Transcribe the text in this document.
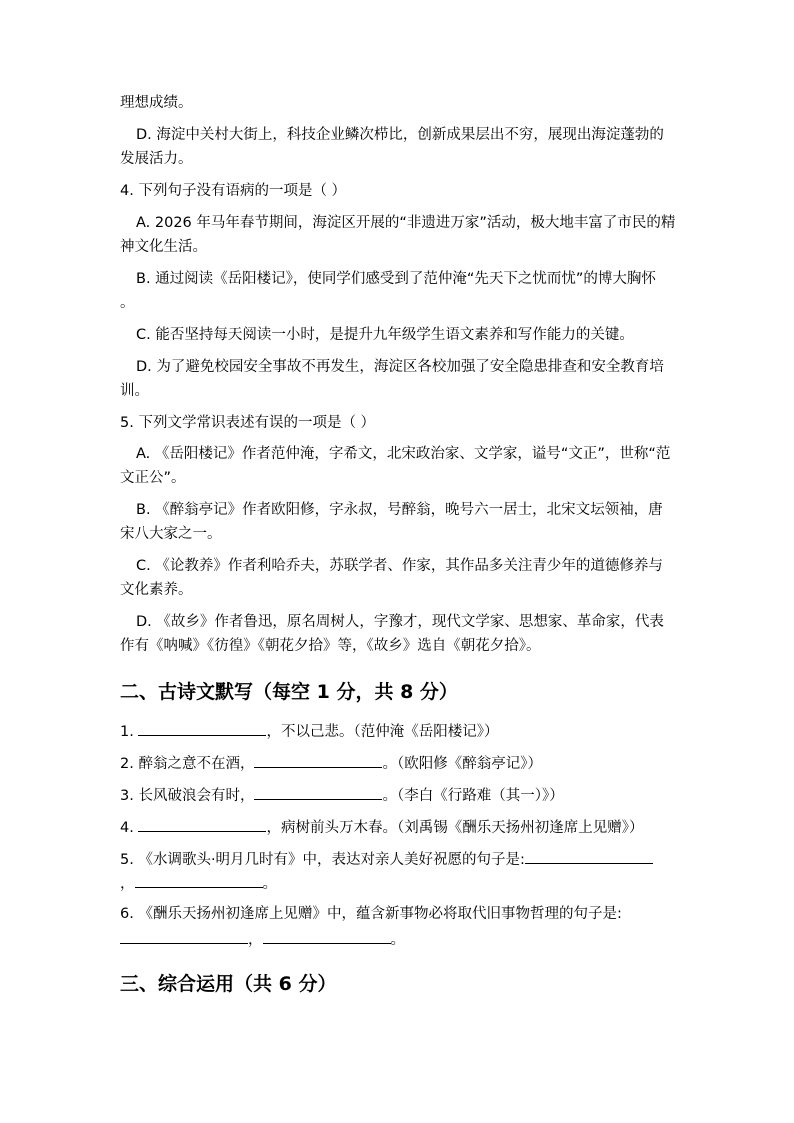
理想成绩。
D. 海淀中关村大街上，科技企业鳞次栉比，创新成果层出不穷，展现出海淀蓬勃的
发展活力。
4. 下列句子没有语病的一项是（ ）
A. 2026 年马年春节期间，海淀区开展的“非遗进万家”活动，极大地丰富了市民的精
神文化生活。
B. 通过阅读《岳阳楼记》，使同学们感受到了范仲淹“先天下之忧而忧”的博大胸怀
。
C. 能否坚持每天阅读一小时，是提升九年级学生语文素养和写作能力的关键。
D. 为了避免校园安全事故不再发生，海淀区各校加强了安全隐患排查和安全教育培
训。
5. 下列文学常识表述有误的一项是（ ）
A. 《岳阳楼记》作者范仲淹，字希文，北宋政治家、文学家，谥号“文正”，世称“范
文正公”。
B. 《醉翁亭记》作者欧阳修，字永叔，号醉翁，晚号六一居士，北宋文坛领袖，唐
宋八大家之一。
C. 《论教养》作者利哈乔夫，苏联学者、作家，其作品多关注青少年的道德修养与
文化素养。
D. 《故乡》作者鲁迅，原名周树人，字豫才，现代文学家、思想家、革命家，代表
作有《呐喊》《彷徨》《朝花夕拾》等，《故乡》选自《朝花夕拾》。
二、古诗文默写（每空 1 分，共 8 分）
1.	，不以己悲。（范仲淹《岳阳楼记》）
2. 醉翁之意不在酒，	。（欧阳修《醉翁亭记》）
3. 长风破浪会有时，	。（李白《行路难（其一）》）
4.	，病树前头万木春。（刘禹锡《酬乐天扬州初逢席上见赠》）
5. 《水调歌头·明月几时有》中，表达对亲人美好祝愿的句子是:
，	。
6. 《酬乐天扬州初逢席上见赠》中，蕴含新事物必将取代旧事物哲理的句子是:
，	。
三、综合运用（共 6 分）
